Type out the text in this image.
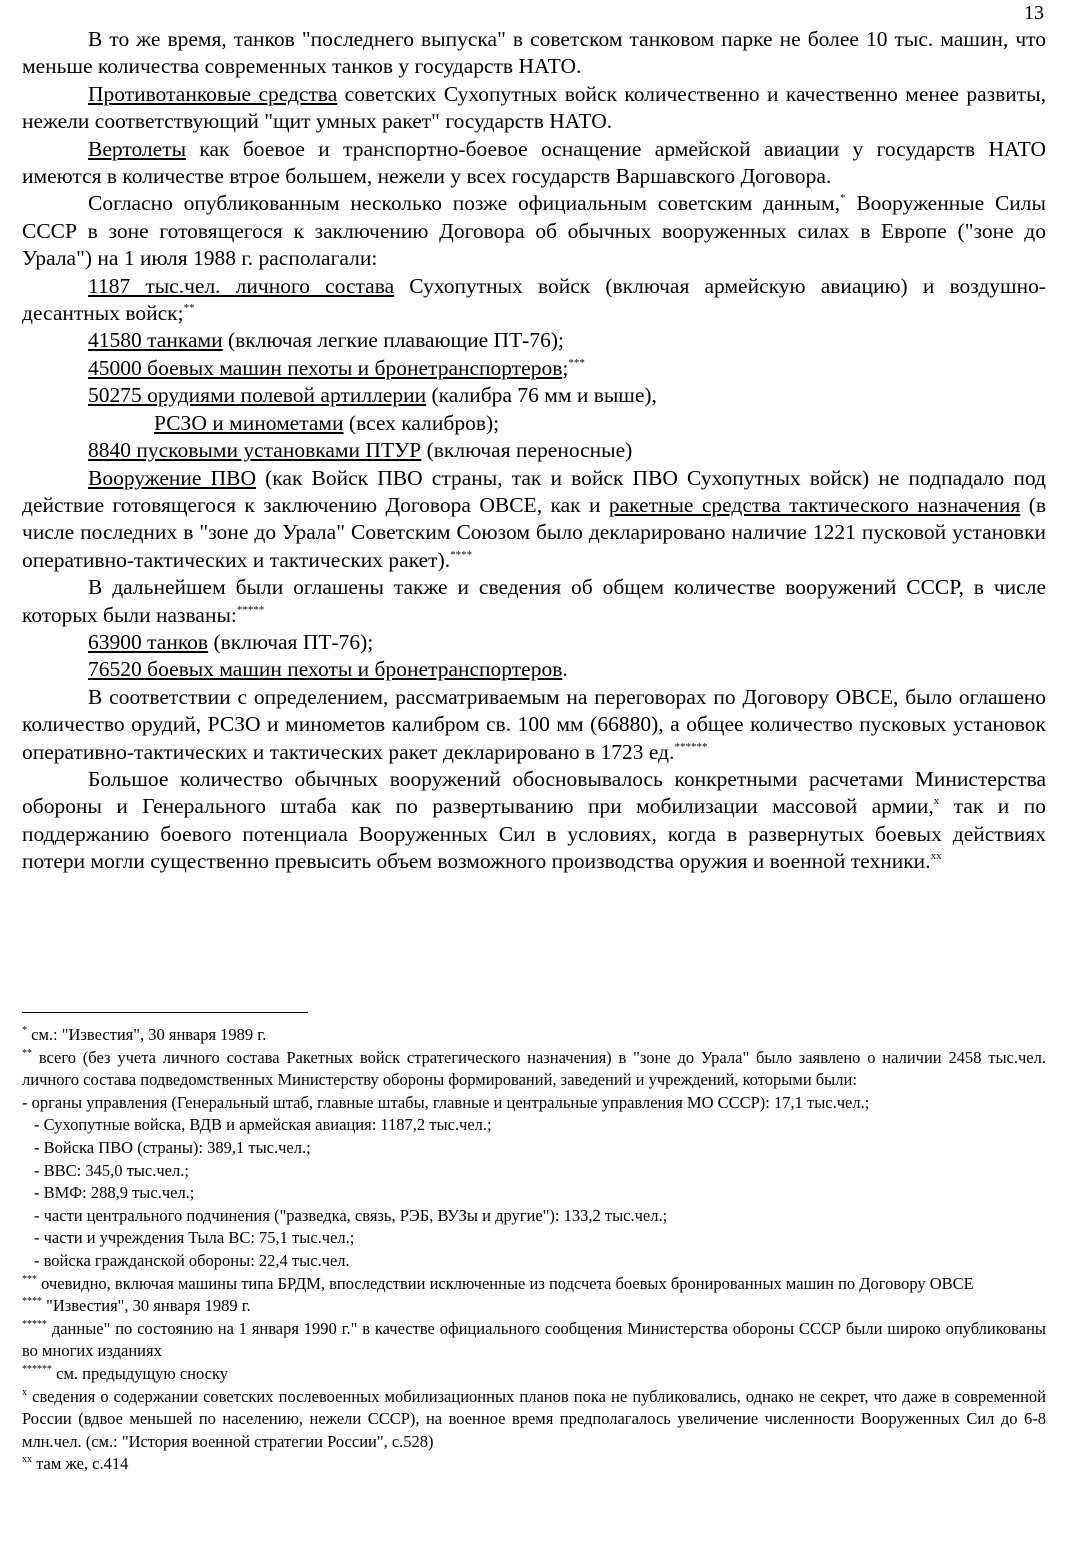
13

В то же время, танков "последнего выпуска" в советском танковом парке не более 10 тыс. машин, что меньше количества современных танков у государств НАТО.

Противотанковые средства советских Сухопутных войск количественно и качественно менее развиты, нежели соответствующий "щит умных ракет" государств НАТО.

Вертолеты как боевое и транспортно-боевое оснащение армейской авиации у государств НАТО имеются в количестве втрое большем, нежели у всех государств Варшавского Договора.

Согласно опубликованным несколько позже официальным советским данным,* Вооруженные Силы СССР в зоне готовящегося к заключению Договора об обычных вооруженных силах в Европе ("зоне до Урала") на 1 июля 1988 г. располагали:

1187 тыс.чел. личного состава Сухопутных войск (включая армейскую авиацию) и воздушно-десантных войск;**

41580 танками (включая легкие плавающие ПТ-76);

45000 боевых машин пехоты и бронетранспортеров;***

50275 орудиями полевой артиллерии (калибра 76 мм и выше),

РСЗО и минометами (всех калибров);

8840 пусковыми установками ПТУР (включая переносные)

Вооружение ПВО (как Войск ПВО страны, так и войск ПВО Сухопутных войск) не подпадало под действие готовящегося к заключению Договора ОВСЕ, как и ракетные средства тактического назначения (в числе последних в "зоне до Урала" Советским Союзом было декларировано наличие 1221 пусковой установки оперативно-тактических и тактических ракет).****

В дальнейшем были оглашены также и сведения об общем количестве вооружений СССР, в числе которых были названы:*****

63900 танков (включая ПТ-76);

76520 боевых машин пехоты и бронетранспортеров.

В соответствии с определением, рассматриваемым на переговорах по Договору ОВСЕ, было оглашено количество орудий, РСЗО и минометов калибром св. 100 мм (66880), а общее количество пусковых установок оперативно-тактических и тактических ракет декларировано в 1723 ед.******

Большое количество обычных вооружений обосновывалось конкретными расчетами Министерства обороны и Генерального штаба как по развертыванию при мобилизации массовой армии,$^x$ так и по поддержанию боевого потенциала Вооруженных Сил в условиях, когда в развернутых боевых действиях потери могли существенно превысить объем возможного производства оружия и военной техники.$^{xx}$

* см.: "Известия", 30 января 1989 г.

** всего (без учета личного состава Ракетных войск стратегического назначения) в "зоне до Урала" было заявлено о наличии 2458 тыс.чел. личного состава подведомственных Министерству обороны формирований, заведений и учреждений, которыми были:

- органы управления (Генеральный штаб, главные штабы, главные и центральные управления МО СССР): 17,1 тыс.чел.;

- Сухопутные войска, ВДВ и армейская авиация: 1187,2 тыс.чел.;

- Войска ПВО (страны): 389,1 тыс.чел.;

- ВВС: 345,0 тыс.чел.;

- ВМФ: 288,9 тыс.чел.;

- части центрального подчинения ("разведка, связь, РЭБ, ВУЗы и другие"): 133,2 тыс.чел.;

- части и учреждения Тыла ВС: 75,1 тыс.чел.;

- войска гражданской обороны: 22,4 тыс.чел.

*** очевидно, включая машины типа БРДМ, впоследствии исключенные из подсчета боевых бронированных машин по Договору ОВСЕ

**** "Известия", 30 января 1989 г.

***** данные" по состоянию на 1 января 1990 г." в качестве официального сообщения Министерства обороны СССР были широко опубликованы во многих изданиях

****** см. предыдущую сноску

$^x$ сведения о содержании советских послевоенных мобилизационных планов пока не публиковались, однако не секрет, что даже в современной России (вдвое меньшей по населению, нежели СССР), на военное время предполагалось увеличение численности Вооруженных Сил до 6-8 млн.чел. (см.: "История военной стратегии России", с.528)

$^{xx}$ там же, с.414
